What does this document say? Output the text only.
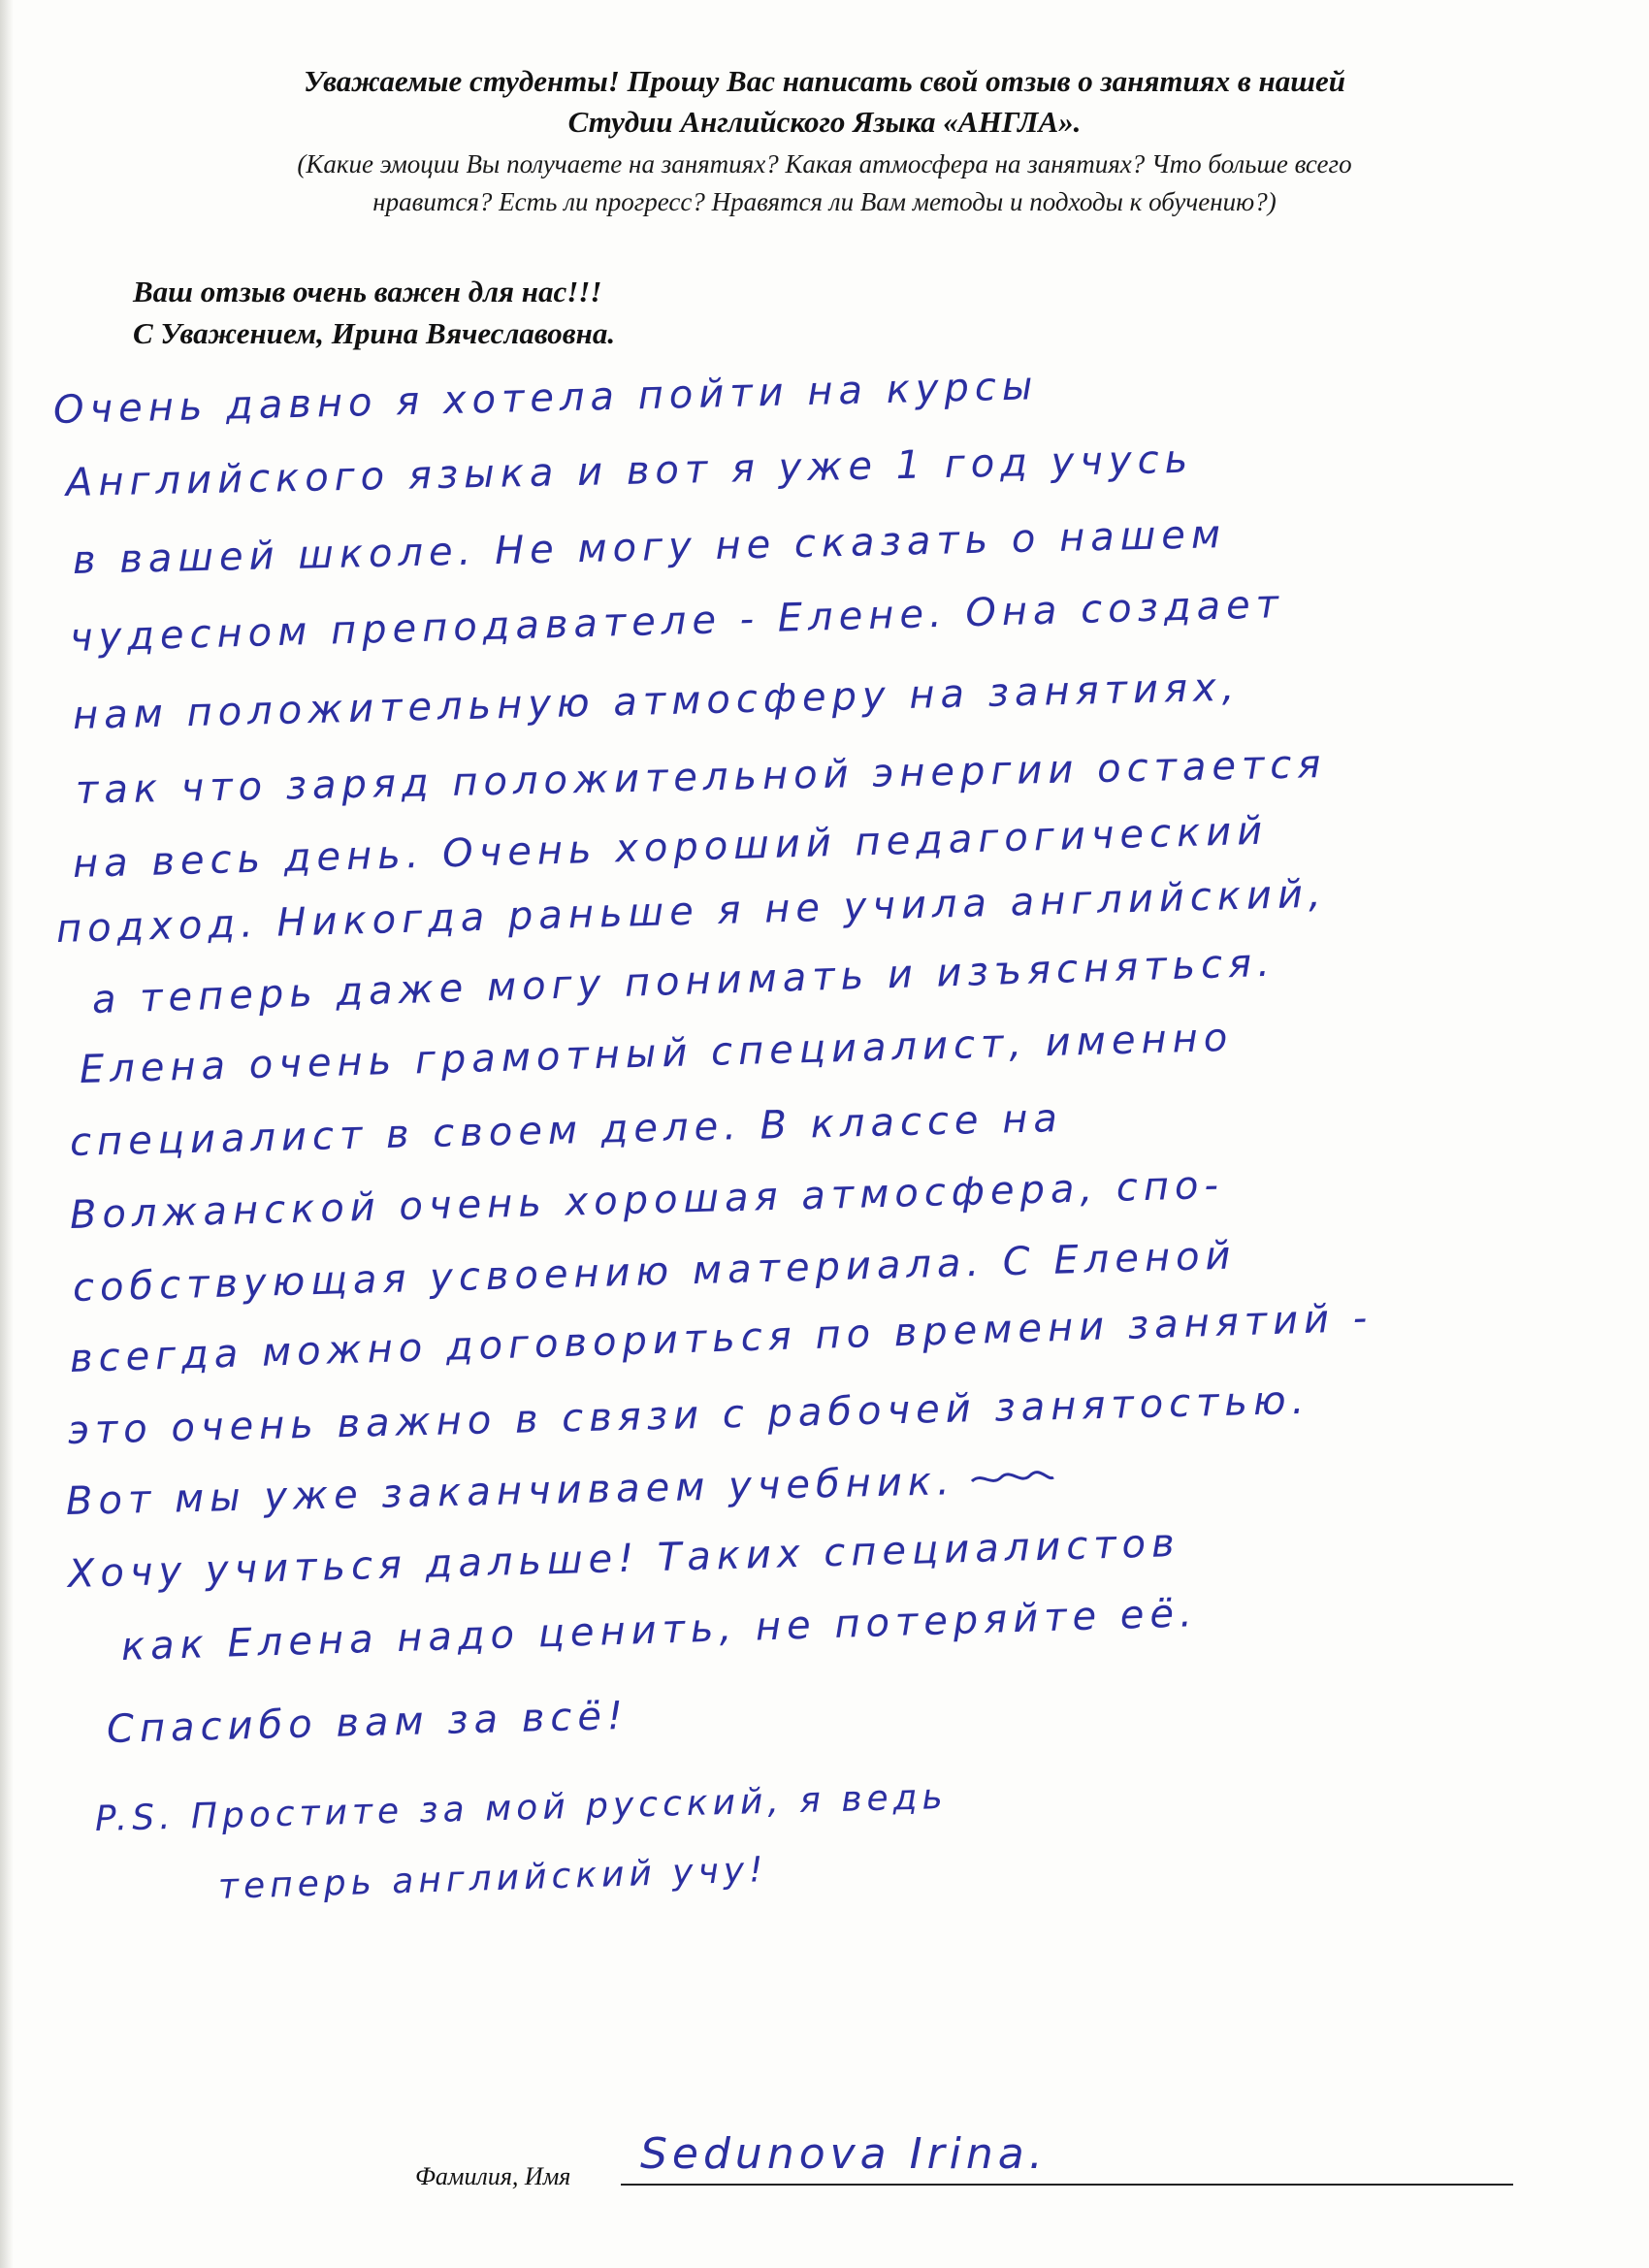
Уважаемые студенты! Прошу Вас написать свой отзыв о занятиях в нашей
Студии Английского Языка «АНГЛА».
(Какие эмоции Вы получаете на занятиях? Какая атмосфера на занятиях? Что больше всего
нравится? Есть ли прогресс? Нравятся ли Вам методы и подходы к обучению?)
Ваш отзыв очень важен для нас!!!
С Уважением, Ирина Вячеславовна.
Очень давно я хотела пойти на курсы
Английского языка и вот я уже 1 год учусь
в вашей школе. Не могу не сказать о нашем
чудесном преподавателе - Елене. Она создает
нам положительную атмосферу на занятиях,
так что заряд положительной энергии остается
на весь день. Очень хороший педагогический
подход. Никогда раньше я не учила английский,
а теперь даже могу понимать и изъясняться.
Елена очень грамотный специалист, именно
специалист в своем деле. В классе на
Волжанской очень хорошая атмосфера, спо-
собствующая усвоению материала. С Еленой
всегда можно договориться по времени занятий -
это очень важно в связи с рабочей занятостью.
Вот мы уже заканчиваем учебник.
Хочу учиться дальше! Таких специалистов
как Елена надо ценить, не потеряйте её.
Спасибо вам за всё!
P.S. Простите за мой русский, я ведь
теперь английский учу!
Фамилия, Имя Sedunova Irina.
